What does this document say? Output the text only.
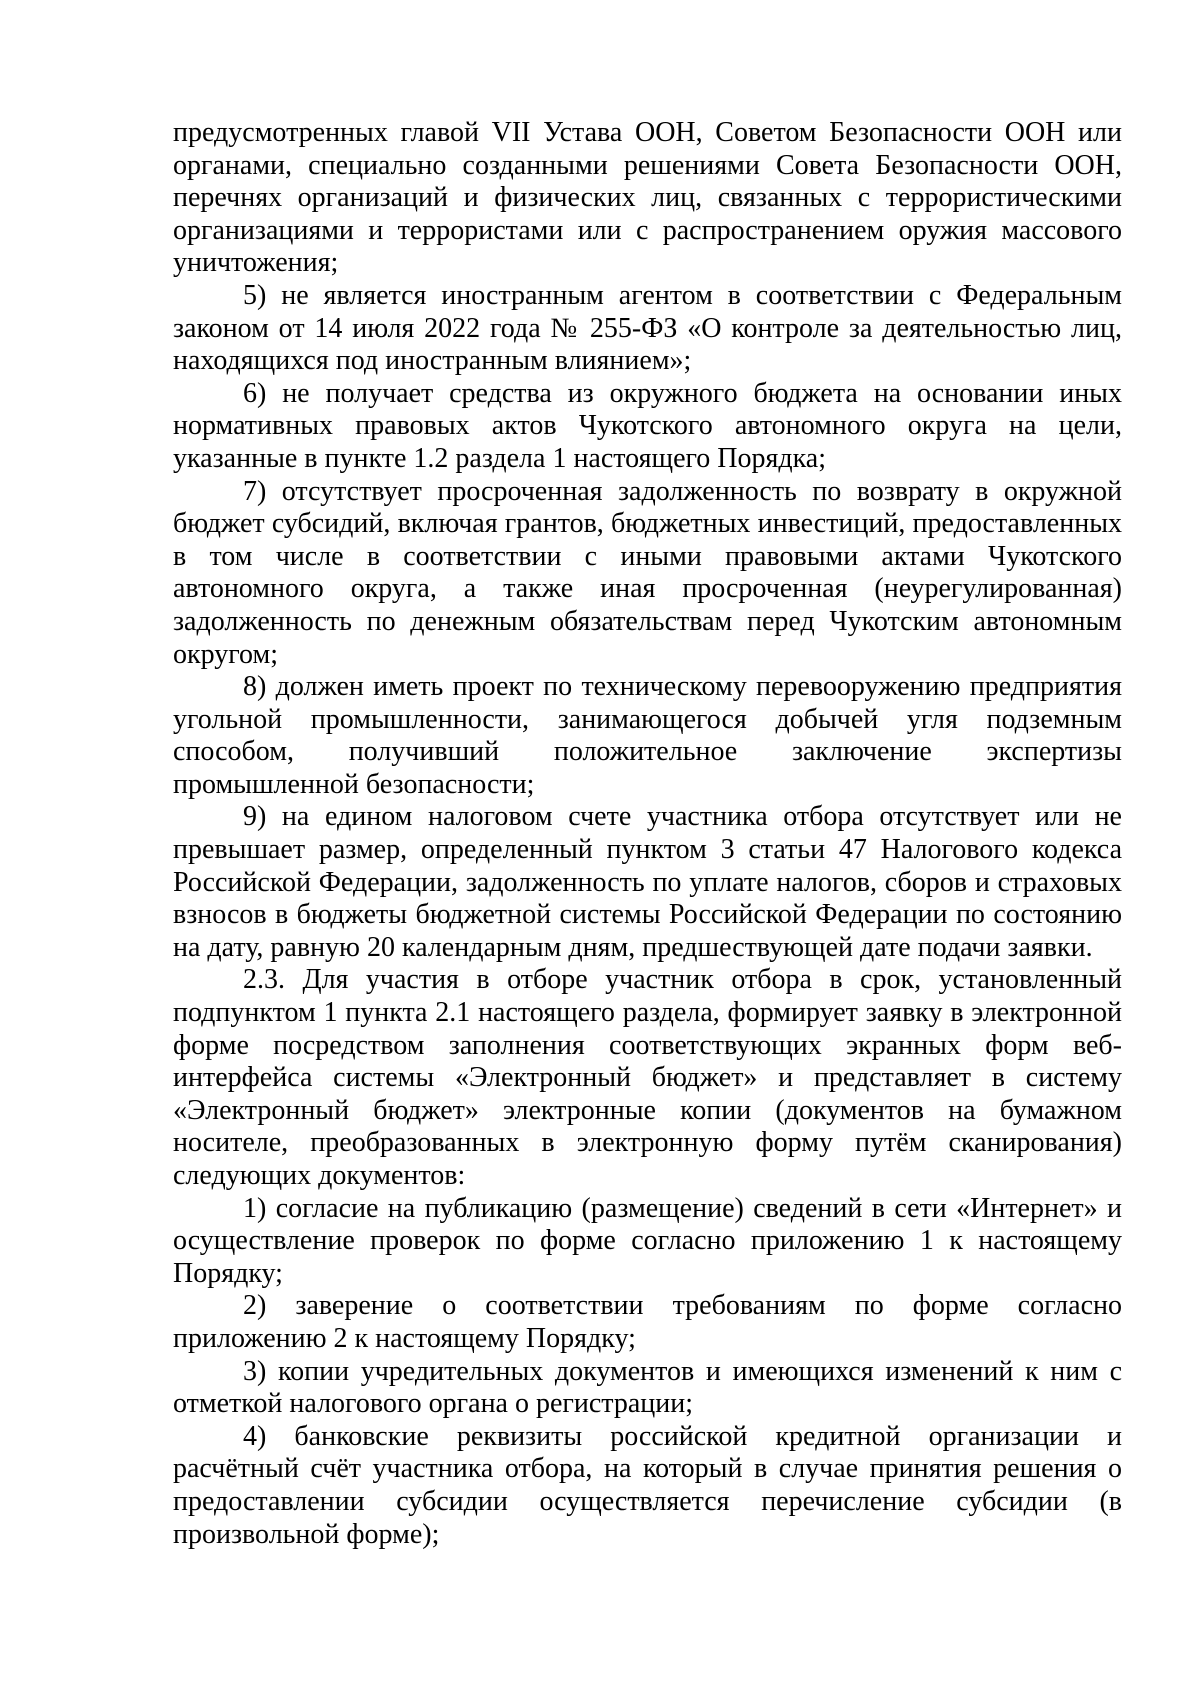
предусмотренных главой VII Устава ООН, Советом Безопасности ООН или органами, специально созданными решениями Совета Безопасности ООН, перечнях организаций и физических лиц, связанных с террористическими организациями и террористами или с распространением оружия массового уничтожения;

5) не является иностранным агентом в соответствии с Федеральным законом от 14 июля 2022 года № 255-ФЗ «О контроле за деятельностью лиц, находящихся под иностранным влиянием»;

6) не получает средства из окружного бюджета на основании иных нормативных правовых актов Чукотского автономного округа на цели, указанные в пункте 1.2 раздела 1 настоящего Порядка;

7) отсутствует просроченная задолженность по возврату в окружной бюджет субсидий, включая грантов, бюджетных инвестиций, предоставленных в том числе в соответствии с иными правовыми актами Чукотского автономного округа, а также иная просроченная (неурегулированная) задолженность по денежным обязательствам перед Чукотским автономным округом;

8) должен иметь проект по техническому перевооружению предприятия угольной промышленности, занимающегося добычей угля подземным способом, получивший положительное заключение экспертизы промышленной безопасности;

9) на едином налоговом счете участника отбора отсутствует или не превышает размер, определенный пунктом 3 статьи 47 Налогового кодекса Российской Федерации, задолженность по уплате налогов, сборов и страховых взносов в бюджеты бюджетной системы Российской Федерации по состоянию на дату, равную 20 календарным дням, предшествующей дате подачи заявки.

2.3. Для участия в отборе участник отбора в срок, установленный подпунктом 1 пункта 2.1 настоящего раздела, формирует заявку в электронной форме посредством заполнения соответствующих экранных форм веб-интерфейса системы «Электронный бюджет» и представляет в систему «Электронный бюджет» электронные копии (документов на бумажном носителе, преобразованных в электронную форму путём сканирования) следующих документов:

1) согласие на публикацию (размещение) сведений в сети «Интернет» и осуществление проверок по форме согласно приложению 1 к настоящему Порядку;

2) заверение о соответствии требованиям по форме согласно приложению 2 к настоящему Порядку;

3) копии учредительных документов и имеющихся изменений к ним с отметкой налогового органа о регистрации;

4) банковские реквизиты российской кредитной организации и расчётный счёт участника отбора, на который в случае принятия решения о предоставлении субсидии осуществляется перечисление субсидии (в произвольной форме);
